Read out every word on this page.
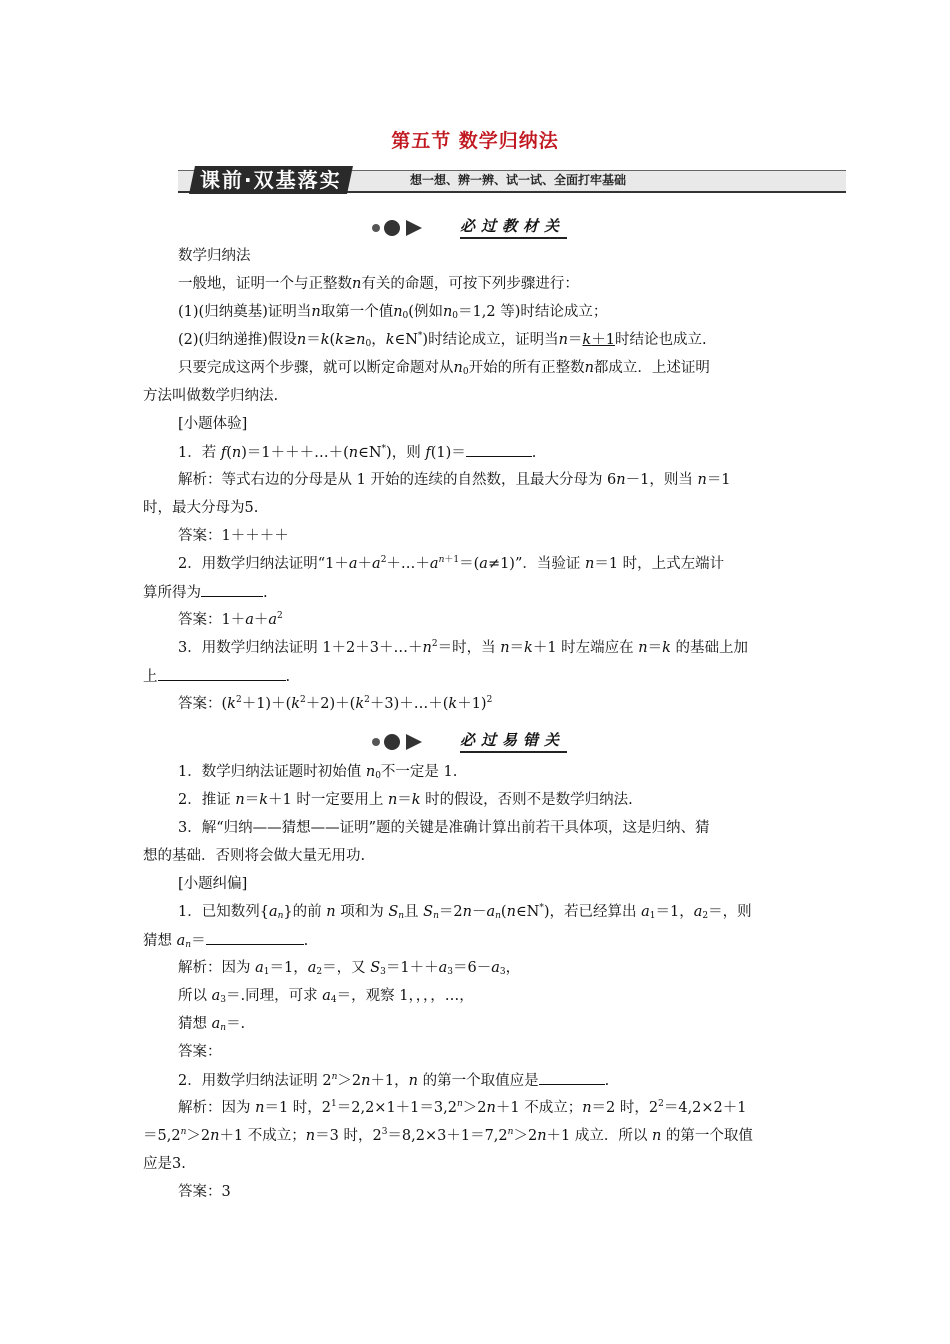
第五节 数学归纳法
课前·双基落实	想一想、辨一辨、试一试、全面打牢基础
必过教材关
数学归纳法
一般地，证明一个与正整数n有关的命题，可按下列步骤进行：
(1)(归纳奠基)证明当n取第一个值$n_0$(例如$n_0=1,2$ 等)时结论成立；
(2)(归纳递推)假设$n=k(k\ge n_0$，k∈N*)时结论成立，证明当n＝k＋1时结论也成立.
只要完成这两个步骤，就可以断定命题对从$n_0$开始的所有正整数n都成立．上述证明
方法叫做数学归纳法.
[小题体验]
1．若 f(n)＝1＋＋＋…＋(n∈N*)，则 f(1)＝	.
解析：等式右边的分母是从 1 开始的连续的自然数，且最大分母为 6n－1，则当 n＝1
时，最大分母为5.
答案：1＋＋＋＋
2．用数学归纳法证明“$1+a+a^2+\dots+a^{n+1}=(a\ne 1)$”．当验证 n＝1 时，上式左端计
算所得为	.
答案：$1+a+a^2$
3．用数学归纳法证明 $1+2+3+\dots+n^2=$时，当 n＝k＋1 时左端应在 n＝k 的基础上加
上	.
答案：$(k^2+1)+(k^2+2)+(k^2+3)+\dots+(k+1)^2$
必过易错关
1．数学归纳法证题时初始值 $n_0$不一定是 1.
2．推证 n＝k＋1 时一定要用上 n＝k 时的假设，否则不是数学归纳法.
3．解“归纳——猜想——证明”题的关键是准确计算出前若干具体项，这是归纳、猜
想的基础．否则将会做大量无用功.
[小题纠偏]
1．已知数列$\{a_n\}$的前 n 项和为 $S_n$且 $S_n=2n-a_n(n\in N^*)$，若已经算出 $a_1=1$，$a_2=$，则
猜想 $a_n=$	.
解析：因为 $a_1=1$，$a_2=$，又 $S_3=1++a_3=6-a_3$，
所以 $a_3=$.同理，可求 $a_4=$，观察 1，，，，…，
猜想 $a_n=$.
答案：
2．用数学归纳法证明 $2^n>2n+1$，n 的第一个取值应是	.
解析：因为 n＝1 时，$2^1=2,2\times 1+1=3,2^n>2n+1$ 不成立；n＝2 时，$2^2=4,2\times 2+1$
$=5,2^n>2n+1$ 不成立；n＝3 时，$2^3=8,2\times 3+1=7,2^n>2n+1$ 成立．所以 n 的第一个取值
应是3.
答案：3
